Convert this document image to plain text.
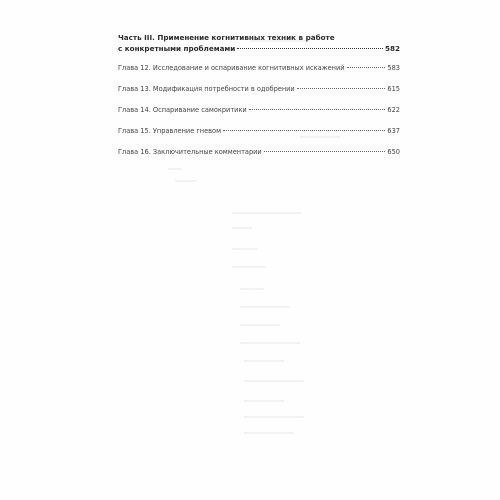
Часть III. Применение когнитивных техник в работе
с конкретными проблемами	582
Глава 12. Исследование и оспаривание когнитивных искажений	583
Глава 13. Модификация потребности в одобрении	615
Глава 14. Оспаривание самокритики	622
Глава 15. Управление гневом	637
Глава 16. Заключительные комментарии	650
